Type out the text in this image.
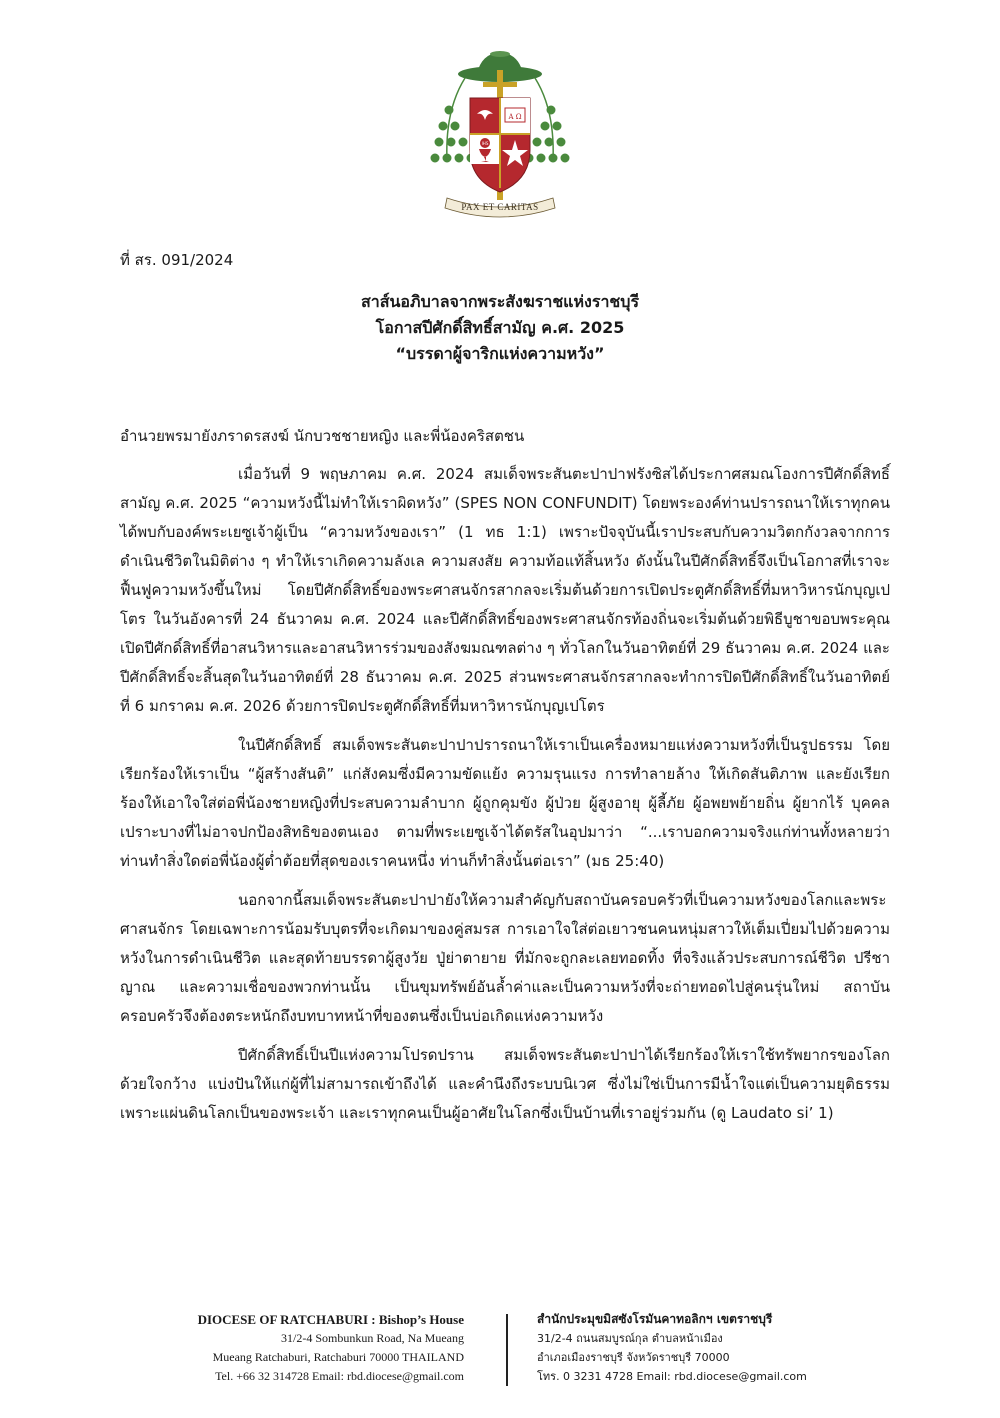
A Ω
IHS
PAX ET CARITAS
ที่ สร. 091/2024
สาส์นอภิบาลจากพระสังฆราชแห่งราชบุรี
โอกาสปีศักดิ์สิทธิ์สามัญ ค.ศ. 2025
“บรรดาผู้จาริกแห่งความหวัง”
อำนวยพรมายังภราดรสงฆ์ นักบวชชายหญิง และพี่น้องคริสตชน

เมื่อวันที่ 9 พฤษภาคม ค.ศ. 2024 สมเด็จพระสันตะปาปาฟรังซิสได้ประกาศสมณโองการปีศักดิ์สิทธิ์สามัญ ค.ศ. 2025 “ความหวังนี้ไม่ทำให้เราผิดหวัง” (SPES NON CONFUNDIT) โดยพระองค์ท่านปรารถนาให้เราทุกคนได้พบกับองค์พระเยซูเจ้าผู้เป็น “ความหวังของเรา” (1 ทธ 1:1) เพราะปัจจุบันนี้เราประสบกับความวิตกกังวลจากการดำเนินชีวิตในมิติต่าง ๆ ทำให้เราเกิดความลังเล ความสงสัย ความท้อแท้สิ้นหวัง ดังนั้นในปีศักดิ์สิทธิ์จึงเป็นโอกาสที่เราจะฟื้นฟูความหวังขึ้นใหม่ โดยปีศักดิ์สิทธิ์ของพระศาสนจักรสากลจะเริ่มต้นด้วยการเปิดประตูศักดิ์สิทธิ์ที่มหาวิหารนักบุญเปโตร ในวันอังคารที่ 24 ธันวาคม ค.ศ. 2024 และปีศักดิ์สิทธิ์ของพระศาสนจักรท้องถิ่นจะเริ่มต้นด้วยพิธีบูชาขอบพระคุณเปิดปีศักดิ์สิทธิ์ที่อาสนวิหารและอาสนวิหารร่วมของสังฆมณฑลต่าง ๆ ทั่วโลกในวันอาทิตย์ที่ 29 ธันวาคม ค.ศ. 2024 และปีศักดิ์สิทธิ์จะสิ้นสุดในวันอาทิตย์ที่ 28 ธันวาคม ค.ศ. 2025 ส่วนพระศาสนจักรสากลจะทำการปิดปีศักดิ์สิทธิ์ในวันอาทิตย์ที่ 6 มกราคม ค.ศ. 2026 ด้วยการปิดประตูศักดิ์สิทธิ์ที่มหาวิหารนักบุญเปโตร

ในปีศักดิ์สิทธิ์ สมเด็จพระสันตะปาปาปรารถนาให้เราเป็นเครื่องหมายแห่งความหวังที่เป็นรูปธรรม โดยเรียกร้องให้เราเป็น “ผู้สร้างสันติ” แก่สังคมซึ่งมีความขัดแย้ง ความรุนแรง การทำลายล้าง ให้เกิดสันติภาพ และยังเรียกร้องให้เอาใจใส่ต่อพี่น้องชายหญิงที่ประสบความลำบาก ผู้ถูกคุมขัง ผู้ป่วย ผู้สูงอายุ ผู้ลี้ภัย ผู้อพยพย้ายถิ่น ผู้ยากไร้ บุคคลเปราะบางที่ไม่อาจปกป้องสิทธิของตนเอง ตามที่พระเยซูเจ้าได้ตรัสในอุปมาว่า “...เราบอกความจริงแก่ท่านทั้งหลายว่า ท่านทำสิ่งใดต่อพี่น้องผู้ต่ำต้อยที่สุดของเราคนหนึ่ง ท่านก็ทำสิ่งนั้นต่อเรา” (มธ 25:40)

นอกจากนี้สมเด็จพระสันตะปาปายังให้ความสำคัญกับสถาบันครอบครัวที่เป็นความหวังของโลกและพระศาสนจักร โดยเฉพาะการน้อมรับบุตรที่จะเกิดมาของคู่สมรส การเอาใจใส่ต่อเยาวชนคนหนุ่มสาวให้เต็มเปี่ยมไปด้วยความหวังในการดำเนินชีวิต และสุดท้ายบรรดาผู้สูงวัย ปู่ย่าตายาย ที่มักจะถูกละเลยทอดทิ้ง ที่จริงแล้วประสบการณ์ชีวิต ปรีชาญาณ และความเชื่อของพวกท่านนั้น เป็นขุมทรัพย์อันล้ำค่าและเป็นความหวังที่จะถ่ายทอดไปสู่คนรุ่นใหม่ สถาบันครอบครัวจึงต้องตระหนักถึงบทบาทหน้าที่ของตนซึ่งเป็นบ่อเกิดแห่งความหวัง

ปีศักดิ์สิทธิ์เป็นปีแห่งความโปรดปราน สมเด็จพระสันตะปาปาได้เรียกร้องให้เราใช้ทรัพยากรของโลกด้วยใจกว้าง แบ่งปันให้แก่ผู้ที่ไม่สามารถเข้าถึงได้ และคำนึงถึงระบบนิเวศ ซึ่งไม่ใช่เป็นการมีน้ำใจแต่เป็นความยุติธรรม เพราะแผ่นดินโลกเป็นของพระเจ้า และเราทุกคนเป็นผู้อาศัยในโลกซึ่งเป็นบ้านที่เราอยู่ร่วมกัน (ดู Laudato si’ 1)

DIOCESE OF RATCHABURI : Bishop’s House
31/2-4 Sombunkun Road, Na Mueang
Mueang Ratchaburi, Ratchaburi 70000 THAILAND
Tel. +66 32 314728 Email: rbd.diocese@gmail.com
สำนักประมุขมิสซังโรมันคาทอลิกฯ เขตราชบุรี
31/2-4 ถนนสมบูรณ์กุล ตำบลหน้าเมือง
อำเภอเมืองราชบุรี จังหวัดราชบุรี 70000
โทร. 0 3231 4728 Email: rbd.diocese@gmail.com
